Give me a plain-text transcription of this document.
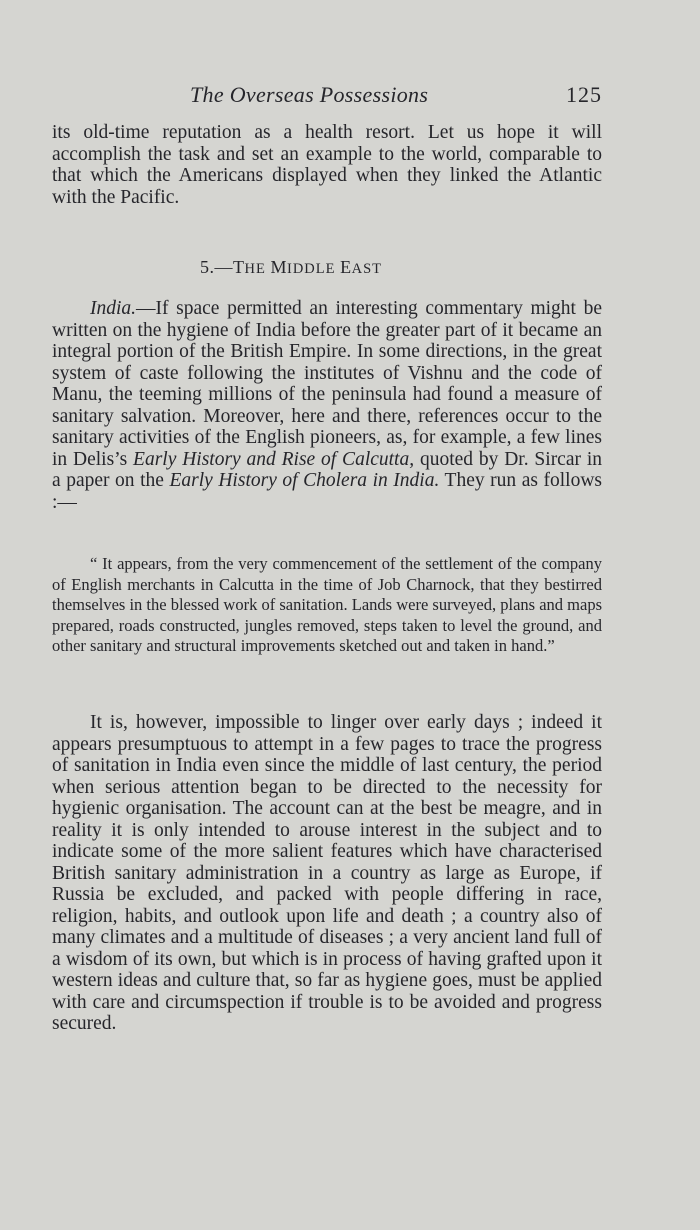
The Overseas Possessions	125

its old-time reputation as a health resort. Let us hope it will accomplish the task and set an example to the world, comparable to that which the Americans displayed when they linked the Atlantic with the Pacific.

5.—THE MIDDLE EAST

India.—If space permitted an interesting commentary might be written on the hygiene of India before the greater part of it became an integral portion of the British Empire. In some directions, in the great system of caste following the institutes of Vishnu and the code of Manu, the teeming millions of the peninsula had found a measure of sanitary salvation. Moreover, here and there, references occur to the sanitary activities of the English pioneers, as, for example, a few lines in Delis’s Early History and Rise of Calcutta, quoted by Dr. Sircar in a paper on the Early History of Cholera in India. They run as follows :—

“ It appears, from the very commencement of the settlement of the company of English merchants in Calcutta in the time of Job Charnock, that they bestirred themselves in the blessed work of sanitation. Lands were surveyed, plans and maps prepared, roads constructed, jungles removed, steps taken to level the ground, and other sanitary and structural improvements sketched out and taken in hand.”

It is, however, impossible to linger over early days ; indeed it appears presumptuous to attempt in a few pages to trace the progress of sanitation in India even since the middle of last century, the period when serious attention began to be directed to the necessity for hygienic organisation. The account can at the best be meagre, and in reality it is only intended to arouse interest in the subject and to indicate some of the more salient features which have characterised British sanitary administration in a country as large as Europe, if Russia be excluded, and packed with people differing in race, religion, habits, and outlook upon life and death ; a country also of many climates and a multitude of diseases ; a very ancient land full of a wisdom of its own, but which is in process of having grafted upon it western ideas and culture that, so far as hygiene goes, must be applied with care and circumspection if trouble is to be avoided and progress secured.
